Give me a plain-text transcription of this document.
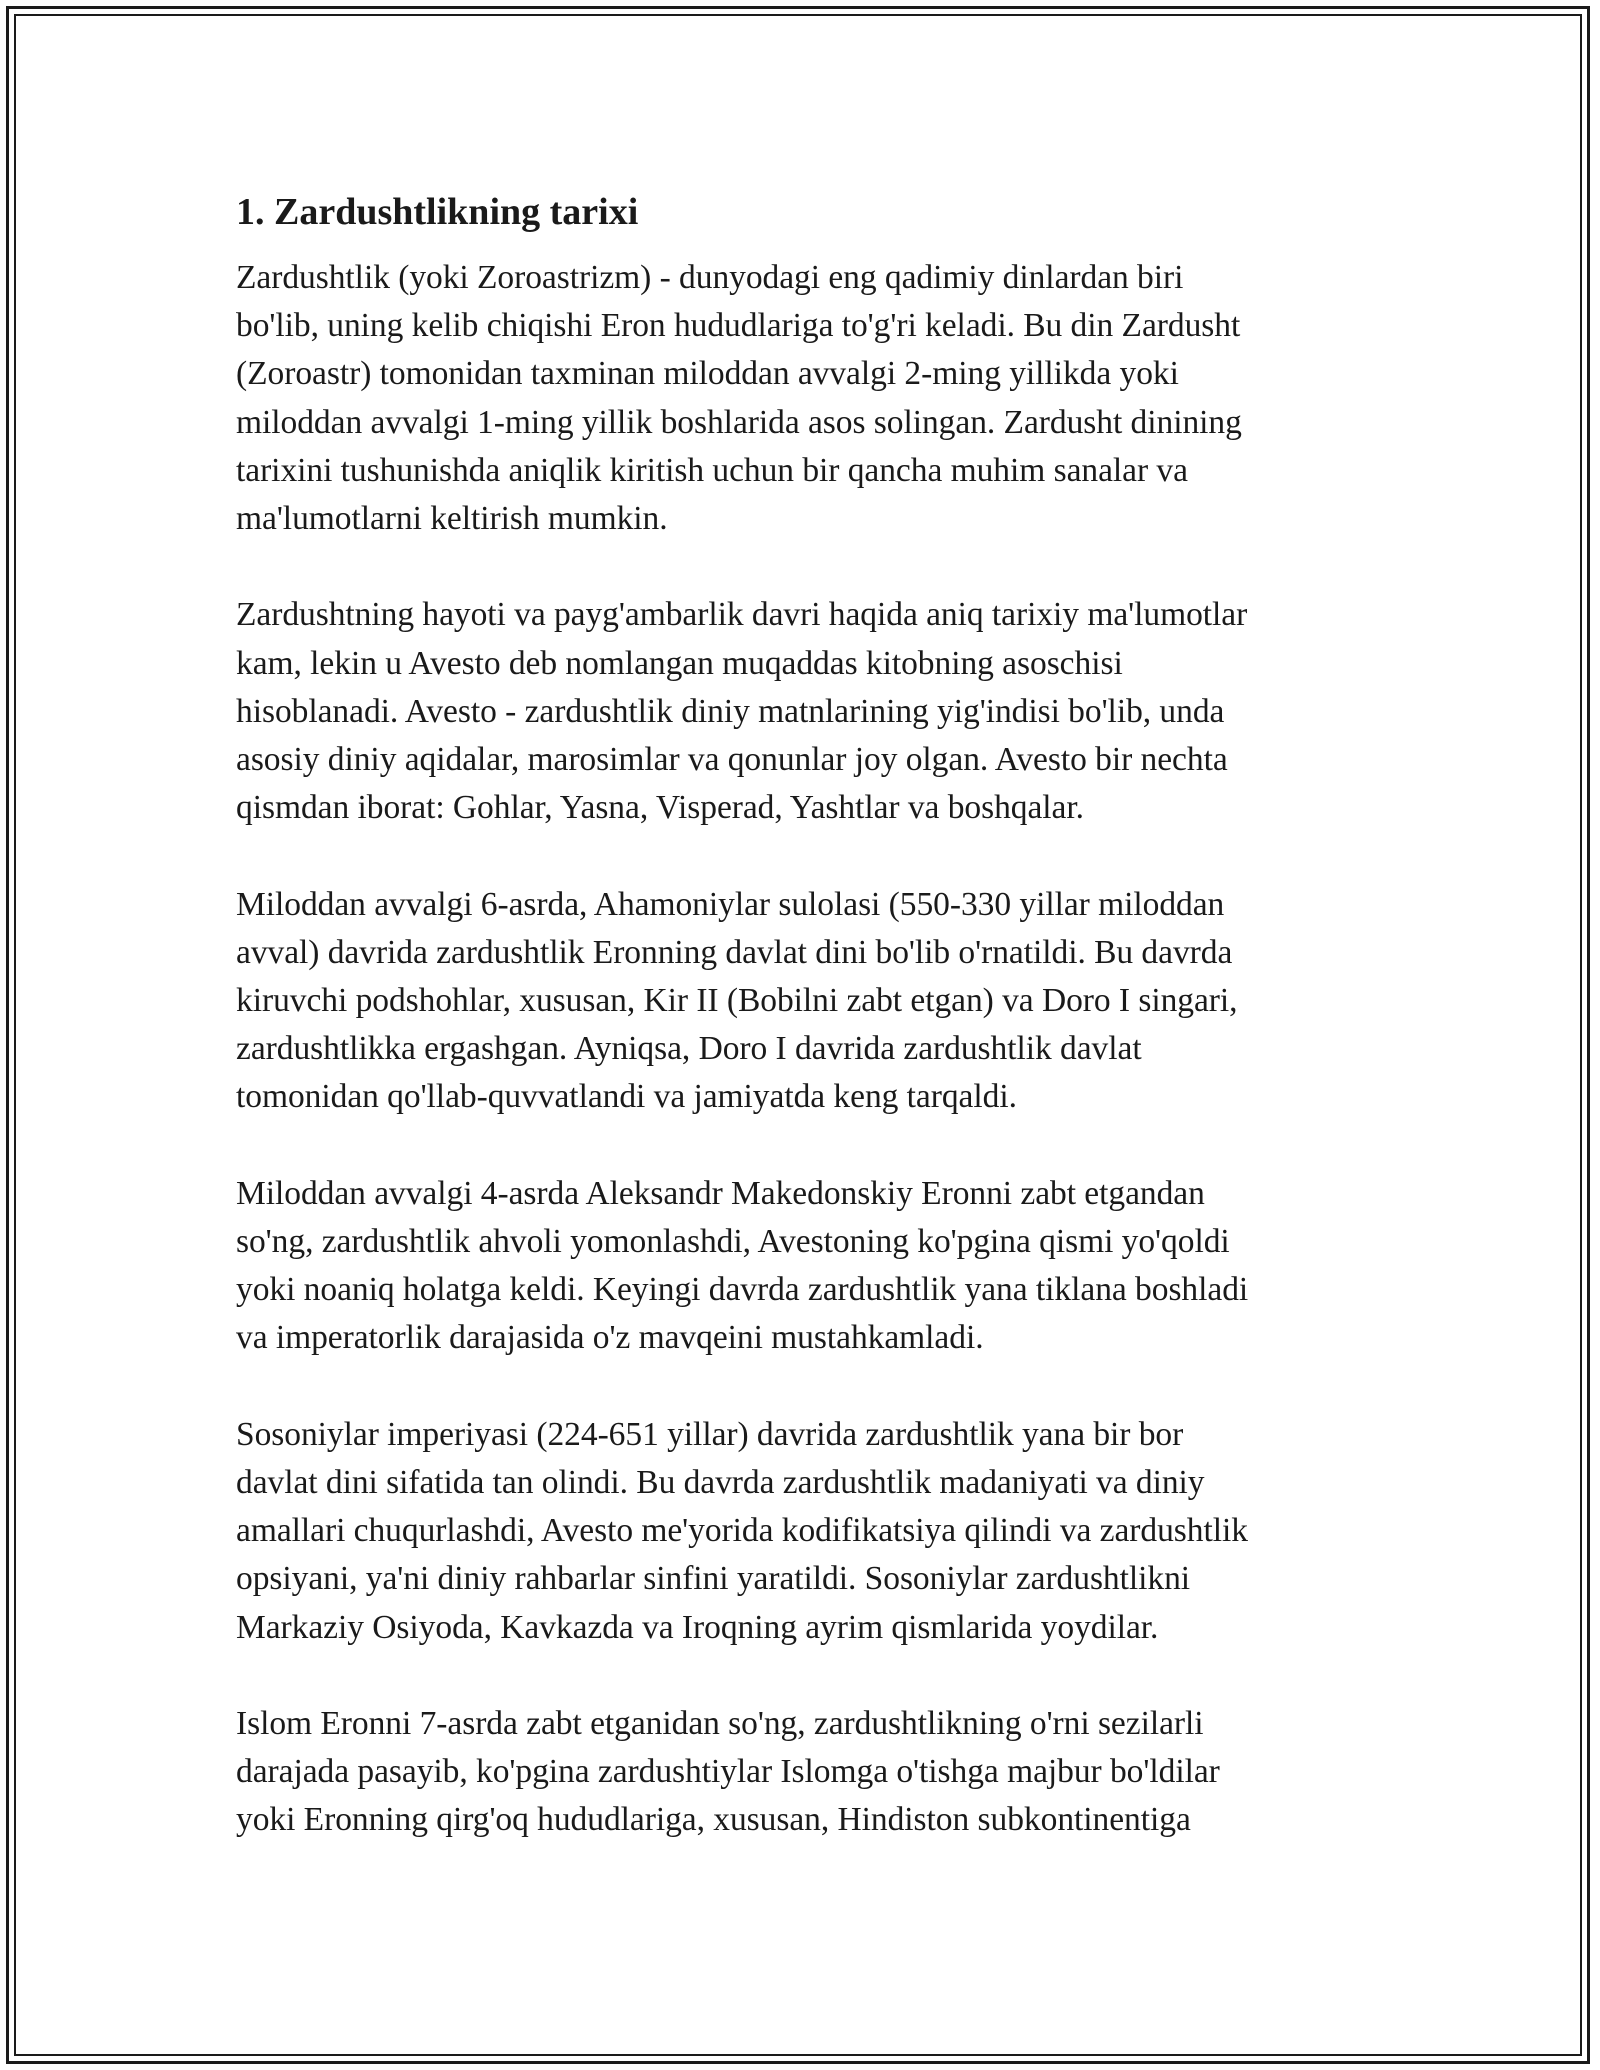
1. Zardushtlikning tarixi

Zardushtlik (yoki Zoroastrizm) - dunyodagi eng qadimiy dinlardan biri
bo'lib, uning kelib chiqishi Eron hududlariga to'g'ri keladi. Bu din Zardusht
(Zoroastr) tomonidan taxminan miloddan avvalgi 2-ming yillikda yoki
miloddan avvalgi 1-ming yillik boshlarida asos solingan. Zardusht dinining
tarixini tushunishda aniqlik kiritish uchun bir qancha muhim sanalar va
ma'lumotlarni keltirish mumkin.

Zardushtning hayoti va payg'ambarlik davri haqida aniq tarixiy ma'lumotlar
kam, lekin u Avesto deb nomlangan muqaddas kitobning asoschisi
hisoblanadi. Avesto - zardushtlik diniy matnlarining yig'indisi bo'lib, unda
asosiy diniy aqidalar, marosimlar va qonunlar joy olgan. Avesto bir nechta
qismdan iborat: Gohlar, Yasna, Visperad, Yashtlar va boshqalar.

Miloddan avvalgi 6-asrda, Ahamoniylar sulolasi (550-330 yillar miloddan
avval) davrida zardushtlik Eronning davlat dini bo'lib o'rnatildi. Bu davrda
kiruvchi podshohlar, xususan, Kir II (Bobilni zabt etgan) va Doro I singari,
zardushtlikka ergashgan. Ayniqsa, Doro I davrida zardushtlik davlat
tomonidan qo'llab-quvvatlandi va jamiyatda keng tarqaldi.

Miloddan avvalgi 4-asrda Aleksandr Makedonskiy Eronni zabt etgandan
so'ng, zardushtlik ahvoli yomonlashdi, Avestoning ko'pgina qismi yo'qoldi
yoki noaniq holatga keldi. Keyingi davrda zardushtlik yana tiklana boshladi
va imperatorlik darajasida o'z mavqeini mustahkamladi.

Sosoniylar imperiyasi (224-651 yillar) davrida zardushtlik yana bir bor
davlat dini sifatida tan olindi. Bu davrda zardushtlik madaniyati va diniy
amallari chuqurlashdi, Avesto me'yorida kodifikatsiya qilindi va zardushtlik
opsiyani, ya'ni diniy rahbarlar sinfini yaratildi. Sosoniylar zardushtlikni
Markaziy Osiyoda, Kavkazda va Iroqning ayrim qismlarida yoydilar.

Islom Eronni 7-asrda zabt etganidan so'ng, zardushtlikning o'rni sezilarli
darajada pasayib, ko'pgina zardushtiylar Islomga o'tishga majbur bo'ldilar
yoki Eronning qirg'oq hududlariga, xususan, Hindiston subkontinentiga
